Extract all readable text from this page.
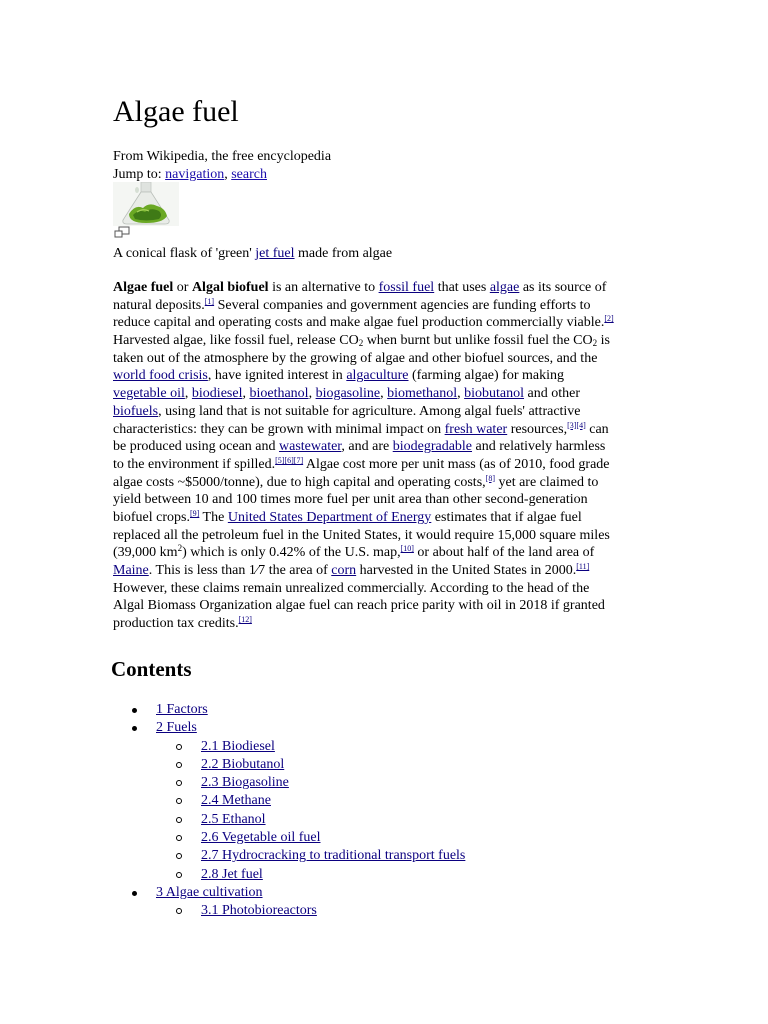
Algae fuel
From Wikipedia, the free encyclopedia
Jump to: navigation, search
A conical flask of 'green' jet fuel made from algae
Algae fuel or Algal biofuel is an alternative to fossil fuel that uses algae as its source of
natural deposits.[1] Several companies and government agencies are funding efforts to
reduce capital and operating costs and make algae fuel production commercially viable.[2]
Harvested algae, like fossil fuel, release $CO_2$ when burnt but unlike fossil fuel the $CO_2$ is
taken out of the atmosphere by the growing of algae and other biofuel sources, and the
world food crisis, have ignited interest in algaculture (farming algae) for making
vegetable oil, biodiesel, bioethanol, biogasoline, biomethanol, biobutanol and other
biofuels, using land that is not suitable for agriculture. Among algal fuels' attractive
characteristics: they can be grown with minimal impact on fresh water resources,[3][4] can
be produced using ocean and wastewater, and are biodegradable and relatively harmless
to the environment if spilled.[5][6][7] Algae cost more per unit mass (as of 2010, food grade
algae costs ~$5000/tonne), due to high capital and operating costs,[8] yet are claimed to
yield between 10 and 100 times more fuel per unit area than other second-generation
biofuel crops.[9] The United States Department of Energy estimates that if algae fuel
replaced all the petroleum fuel in the United States, it would require 15,000 square miles
(39,000 $km^2$) which is only 0.42% of the U.S. map,[10] or about half of the land area of
Maine. This is less than 1⁄7 the area of corn harvested in the United States in 2000.[11]
However, these claims remain unrealized commercially. According to the head of the
Algal Biomass Organization algae fuel can reach price parity with oil in 2018 if granted
production tax credits.[12]
Contents
1 Factors
2 Fuels
2.1 Biodiesel
2.2 Biobutanol
2.3 Biogasoline
2.4 Methane
2.5 Ethanol
2.6 Vegetable oil fuel
2.7 Hydrocracking to traditional transport fuels
2.8 Jet fuel
3 Algae cultivation
3.1 Photobioreactors
